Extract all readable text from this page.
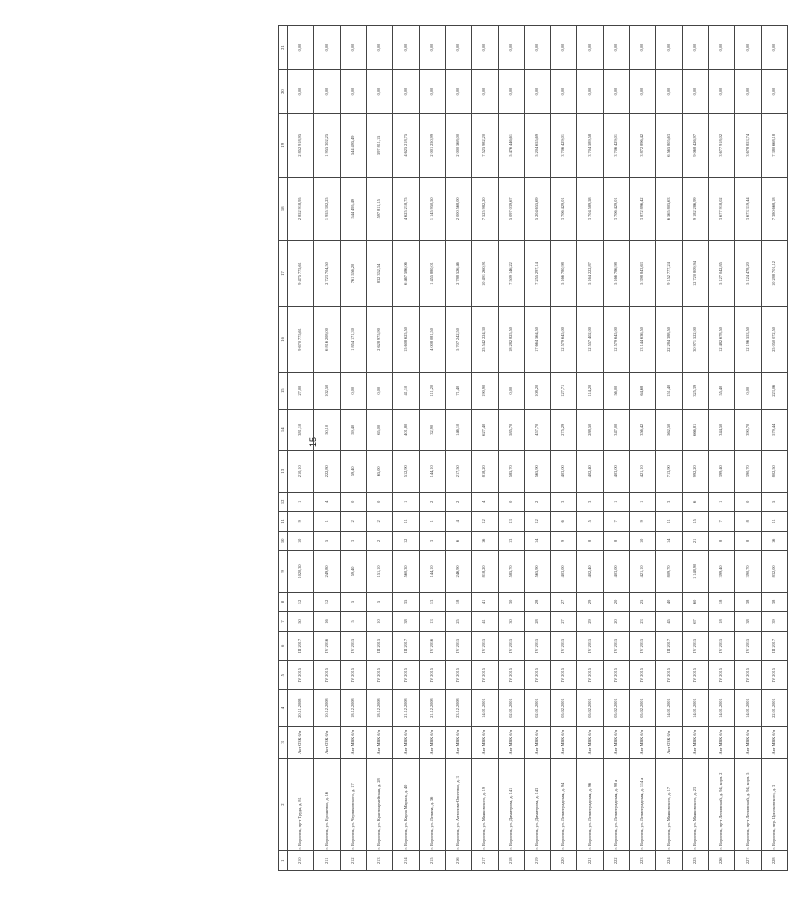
15
1	2	3	4	5	6	7	8	9	10	11	12	13	14	15	16	17	18	19	20	21
210	г. Воронеж, пр-т Труда, д. 81	Акт ОЗК б/н	20.11.2008	IV 2015	III 2017	50	12	1020,30	10	9	1	210,10	381,10	27,00	9 670 775,61	9 475 775,61	2 852 918,95	2 852 918,95	0,00	0,00
211	г. Воронеж, ул. Ерошенко, д. 16	Акт ОЗК б/н	10.12.2008	IV 2015	IV 2016	16	12	249,80	5	1	4	222,80	50,10	102,50	6 816 208,00	2 723 704,50	1 955 302,25	1 955 302,25	0,00	0,00
212	г. Воронеж, ул. Черняховского, д. 17	Акт МВК б/н	18.12.2008	IV 2015	IV 2015	5	5	59,40	3	2	0	59,40	59,40	0,00	1 854 171,30	761 556,20	544 495,49	544 495,49	0,00	0,00
213	г. Воронеж, ул. Красноармейская, д. 28	Акт МВК б/н	18.12.2008	IV 2015	III 2015	10	5	151,10	2	2	0	65,00	65,00	0,00	2 628 975,90	832 352,34	597 811,15	597 811,15	0,00	0,00
214	г. Воронеж, ул. Карла Маркса, д. 40	Акт МВК б/н	21.12.2008	IV 2015	III 2017	38	35	560,30	12	11	1	512,90	401,80	41,10	15 608 625,50	6 467 586,06	4 625 218,75	4 625 218,75	0,00	0,00
215	г. Воронеж, ул. Ленина, д. 36	Акт МВК б/н	21.12.2008	IV 2015	IV 2016	13	13	144,10	3	1	2	144,10	32,90	111,20	4 008 081,50	1 455 880,01	1 145 950,50	2 001 250,99	0,00	0,00
216	г. Воронеж, ул. Антонова-Овсеенко, д. 3	Акт МВК б/н	23.12.2008	IV 2015	IV 2015	25	18	246,90	6	4	2	217,50	146,10	71,40	5 707 242,50	2 788 526,46	2 000 568,00	2 000 568,00	0,00	0,00
217	г. Воронеж, ул. Маяковского, д. 19	Акт МВК б/н	14.01.2001	IV 2015	IV 2015	41	41	818,20	16	12	4	818,20	627,40	190,90	25 542 224,30	10 491 260,91	7 525 982,20	7 525 982,20	0,00	0,00
218	г. Воронеж, ул. Димитрова, д. 141	Акт МВК б/н	02.01.2001	IV 2015	IV 2015	30	30	585,70	13	13	0	585,70	585,70	0,00	18 282 825,50	7 509 146,22	5 097 039,67	5 476 446,61	0,00	0,00
219	г. Воронеж, ул. Димитрова, д. 143	Акт МВК б/н	02.01.2001	IV 2015	IV 2015	28	28	565,90	14	12	2	565,90	457,70	108,20	17 664 564,50	7 255 297,14	5 204 655,69	5 204 655,69	0,00	0,00
220	г. Воронеж, ул. Ленинградская, д. 94	Акт МВК б/н	05.02.2001	IV 2015	IV 2015	27	27	403,00	9	6	3	403,00	275,29	127,71	12 579 645,00	5 166 780,98	3 706 429,01	3 706 429,01	0,00	0,00
221	г. Воронеж, ул. Ленинградская, д. 96	Акт МВК б/н	05.02.2001	IV 2015	IV 2015	29	29	402,40	8	5	3	402,40	288,50	114,20	12 557 402,00	5 164 222,87	3 704 589,58	3 704 589,58	0,00	0,00
222	г. Воронеж, ул. Ленинградская, д. 98 а	Акт МВК б/н	05.02.2001	IV 2015	IV 2015	20	20	403,00	8	7	1	403,00	347,00	56,00	12 579 645,00	5 166 786,98	3 706 429,01	3 706 429,01	0,00	0,00
223	г. Воронеж, ул. Ленинградская, д. 114 а	Акт МВК б/н	05.02.2001	IV 2015	IV 2015	23	25	421,10	10	9	1	421,10	356,42	64,68	13 144 636,50	5 398 843,63	3 872 896,42	3 872 896,42	0,00	0,00
224	г. Воронеж, ул. Маяковского, д. 17	Акт ОЗК б/н	14.01.2001	IV 2015	III 2017	45	40	809,70	14	11	3	713,90	562,50	151,40	22 284 388,50	9 152 777,24	6 565 805,63	6 565 805,63	0,00	0,00
225	г. Воронеж, ул. Маяковского, д. 23	Акт МВК б/н	14.01.2001	IV 2015	IV 2015	67	60	1 148,90	21	15	6	992,20	666,81	325,39	30 971 522,00	12 720 809,94	9 182 286,99	9 068 426,97	0,00	0,00
226	г. Воронеж, пр-т Ленинский, д. 94, корп. 2	Акт МВК б/н	14.01.2001	IV 2015	IV 2015	18	18	399,40	8	7	1	399,40	344,50	55,40	12 482 678,50	5 127 042,85	3 677 918,02	3 677 918,02	0,00	0,00
227	г. Воронеж, пр-т Ленинский, д. 94, корп. 5	Акт МВК б/н	14.01.2001	IV 2015	IV 2015	38	38	390,70	8	8	0	390,70	390,70	0,00	12 196 553,50	5 124 478,20	3 673 319,44	3 678 853,74	0,00	0,00
228	г. Воронеж, пер. Циолковского, д. 3	Акт МВК б/н	22.01.2001	IV 2015	III 2017	39	38	832,00	16	11	5	802,50	579,44	223,06	25 050 072,50	10 288 701,12	7 380 668,18	7 380 668,18	0,00	0,00
